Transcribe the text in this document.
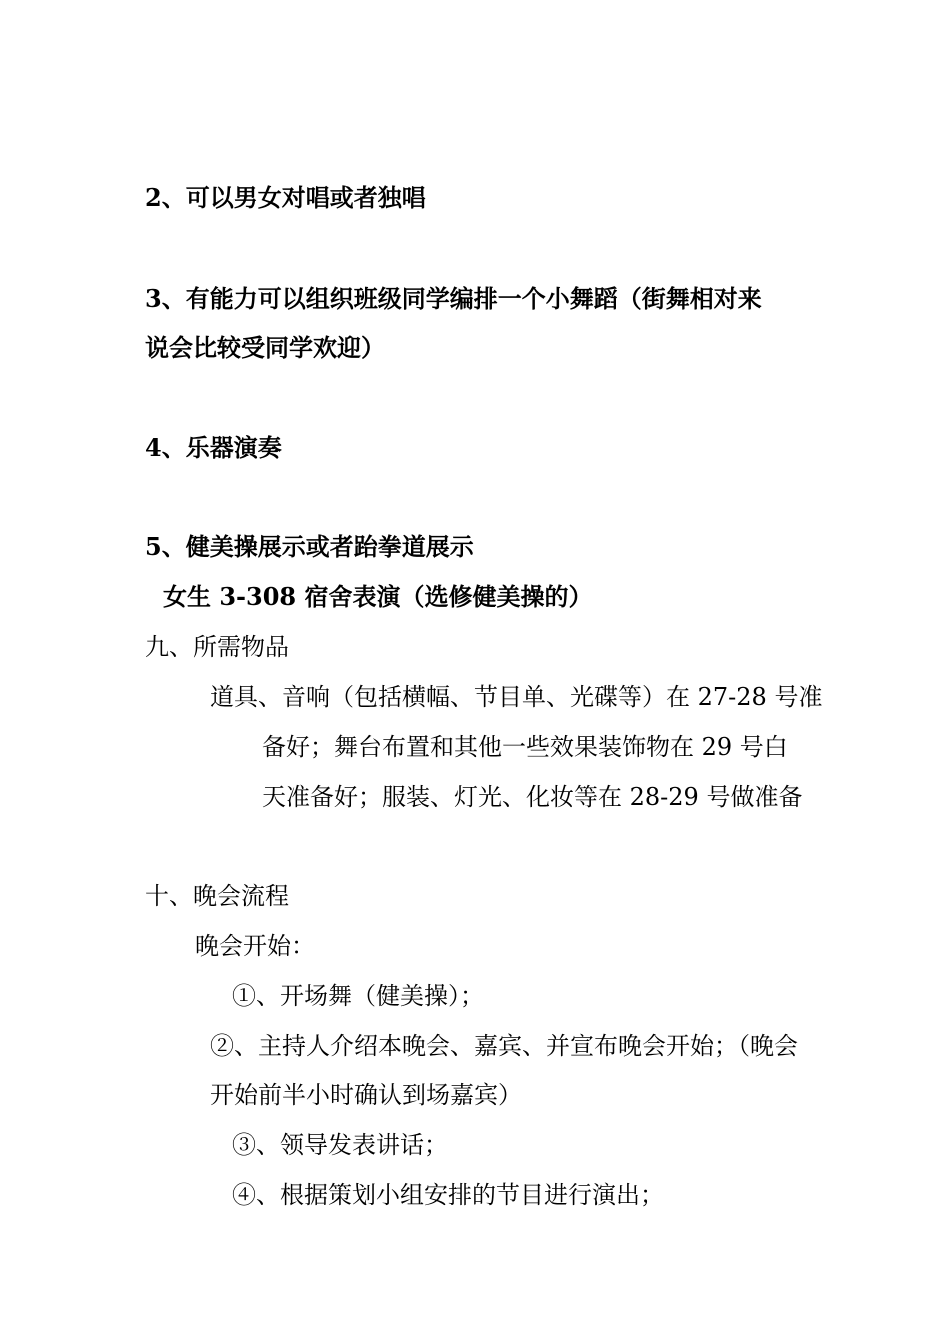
2、可以男女对唱或者独唱
3、有能力可以组织班级同学编排一个小舞蹈（街舞相对来
说会比较受同学欢迎）
4、乐器演奏
5、健美操展示或者跆拳道展示
女生 3-308 宿舍表演（选修健美操的）
九、所需物品
道具、音响（包括横幅、节目单、光碟等）在 27-28 号准
备好；舞台布置和其他一些效果装饰物在 29 号白
天准备好；服装、灯光、化妆等在 28-29 号做准备
十、晚会流程
晚会开始：
①、开场舞（健美操）；
②、主持人介绍本晚会、嘉宾、并宣布晚会开始；（晚会
开始前半小时确认到场嘉宾）
③、领导发表讲话；
④、根据策划小组安排的节目进行演出；
